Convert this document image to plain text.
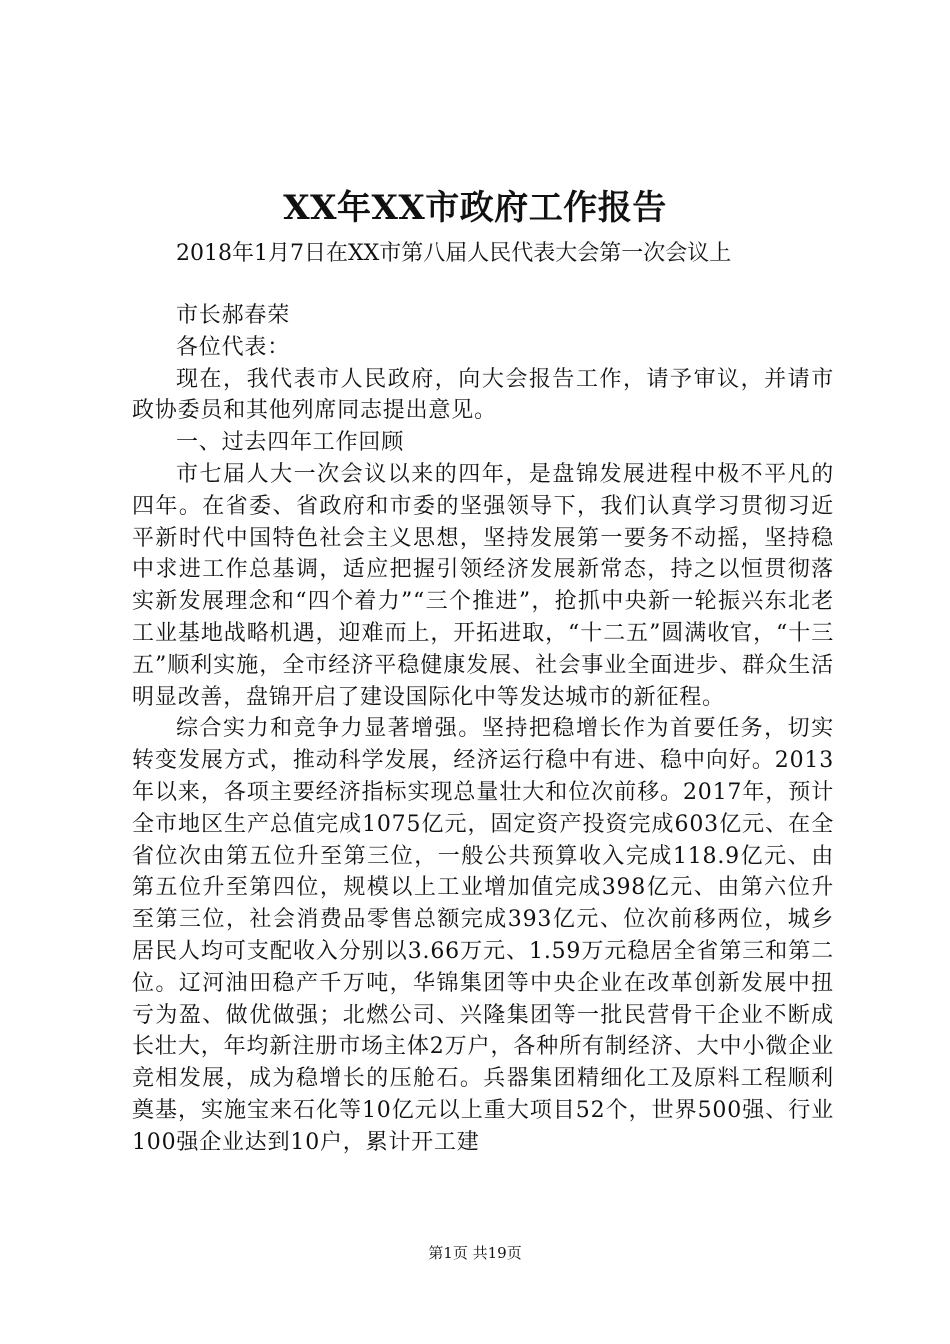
XX年XX市政府工作报告

2018年1月7日在XX市第八届人民代表大会第一次会议上

市长郝春荣

各位代表：

现在，我代表市人民政府，向大会报告工作，请予审议，并请市政协委员和其他列席同志提出意见。

一、过去四年工作回顾

市七届人大一次会议以来的四年，是盘锦发展进程中极不平凡的四年。在省委、省政府和市委的坚强领导下，我们认真学习贯彻习近平新时代中国特色社会主义思想，坚持发展第一要务不动摇，坚持稳中求进工作总基调，适应把握引领经济发展新常态，持之以恒贯彻落实新发展理念和“四个着力”“三个推进”，抢抓中央新一轮振兴东北老工业基地战略机遇，迎难而上，开拓进取，“十二五”圆满收官，“十三五”顺利实施，全市经济平稳健康发展、社会事业全面进步、群众生活明显改善，盘锦开启了建设国际化中等发达城市的新征程。

综合实力和竞争力显著增强。坚持把稳增长作为首要任务，切实转变发展方式，推动科学发展，经济运行稳中有进、稳中向好。2013年以来，各项主要经济指标实现总量壮大和位次前移。2017年，预计全市地区生产总值完成1075亿元，固定资产投资完成603亿元、在全省位次由第五位升至第三位，一般公共预算收入完成118.9亿元、由第五位升至第四位，规模以上工业增加值完成398亿元、由第六位升至第三位，社会消费品零售总额完成393亿元、位次前移两位，城乡居民人均可支配收入分别以3.66万元、1.59万元稳居全省第三和第二位。辽河油田稳产千万吨，华锦集团等中央企业在改革创新发展中扭亏为盈、做优做强；北燃公司、兴隆集团等一批民营骨干企业不断成长壮大，年均新注册市场主体2万户，各种所有制经济、大中小微企业竞相发展，成为稳增长的压舱石。兵器集团精细化工及原料工程顺利奠基，实施宝来石化等10亿元以上重大项目52个，世界500强、行业100强企业达到10户，累计开工建

第1页 共19页
